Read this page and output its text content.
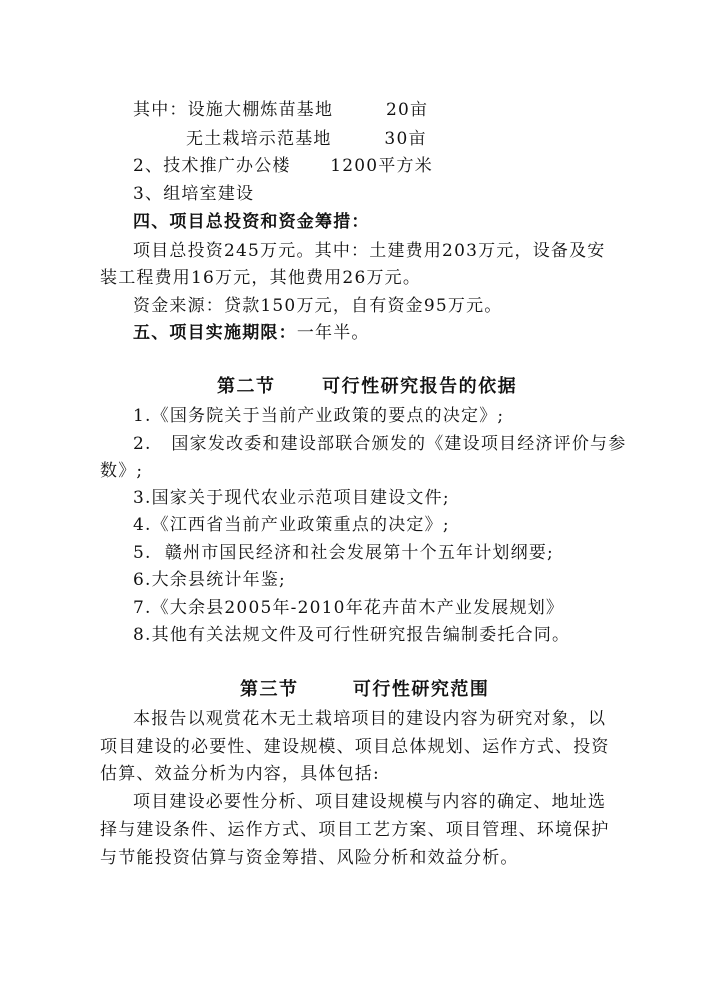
其中：设施大棚炼苗基地        20亩
无土栽培示范基地        30亩
2、技术推广办公楼      1200平方米
3、组培室建设
四、项目总投资和资金筹措：
项目总投资245万元。其中：土建费用203万元，设备及安
装工程费用16万元，其他费用26万元。
资金来源：贷款150万元，自有资金95万元。
五、项目实施期限：一年半。
第二节      可行性研究报告的依据
1.《国务院关于当前产业政策的要点的决定》;
2.   国家发改委和建设部联合颁发的《建设项目经济评价与参
数》;
3.国家关于现代农业示范项目建设文件;
4.《江西省当前产业政策重点的决定》;
5.  赣州市国民经济和社会发展第十个五年计划纲要;
6.大余县统计年鉴;
7.《大余县2005年-2010年花卉苗木产业发展规划》
8.其他有关法规文件及可行性研究报告编制委托合同。
第三节       可行性研究范围
本报告以观赏花木无土栽培项目的建设内容为研究对象，以
项目建设的必要性、建设规模、项目总体规划、运作方式、投资
估算、效益分析为内容，具体包括:
项目建设必要性分析、项目建设规模与内容的确定、地址选
择与建设条件、运作方式、项目工艺方案、项目管理、环境保护
与节能投资估算与资金筹措、风险分析和效益分析。
